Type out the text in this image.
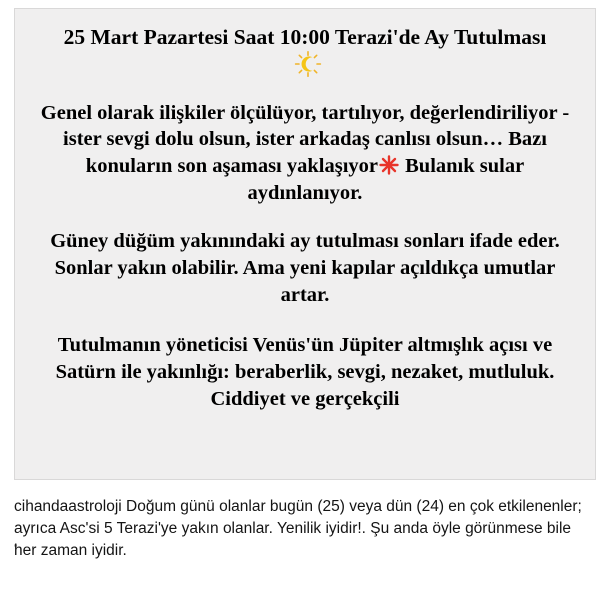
25 Mart Pazartesi Saat 10:00 Terazi'de Ay Tutulması
Genel olarak ilişkiler ölçülüyor, tartılıyor, değerlendiriliyor - ister sevgi dolu olsun, ister arkadaş canlısı olsun… Bazı konuların son aşaması yaklaşıyor Bulanık sular aydınlanıyor.
Güney düğüm yakınındaki ay tutulması sonları ifade eder. Sonlar yakın olabilir. Ama yeni kapılar açıldıkça umutlar artar.
Tutulmanın yöneticisi Venüs'ün Jüpiter altmışlık açısı ve Satürn ile yakınlığı: beraberlik, sevgi, nezaket, mutluluk. Ciddiyet ve gerçekçili
cihandaastroloji Doğum günü olanlar bugün (25) veya dün (24) en çok etkilenenler; ayrıca Asc'si 5 Terazi'ye yakın olanlar. Yenilik iyidir!. Şu anda öyle görünmese bile her zaman iyidir.
